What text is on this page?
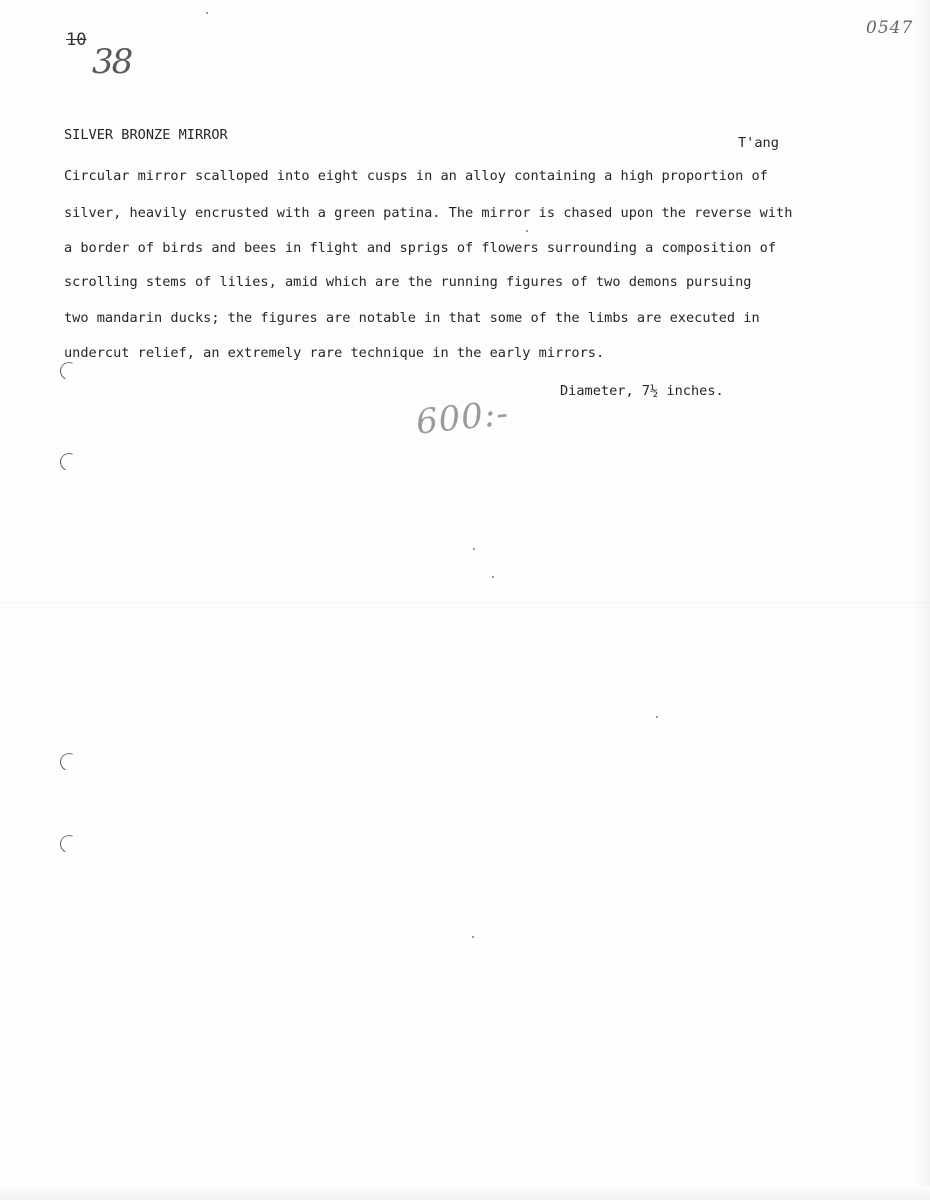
10
38
0547
SILVER BRONZE MIRROR	T'ang
Circular mirror scalloped into eight cusps in an alloy containing a high proportion of
silver, heavily encrusted with a green patina. The mirror is chased upon the reverse with
a border of birds and bees in flight and sprigs of flowers surrounding a composition of
scrolling stems of lilies, amid which are the running figures of two demons pursuing
two mandarin ducks; the figures are notable in that some of the limbs are executed in
undercut relief, an extremely rare technique in the early mirrors.
Diameter, 7½ inches.
600:-
